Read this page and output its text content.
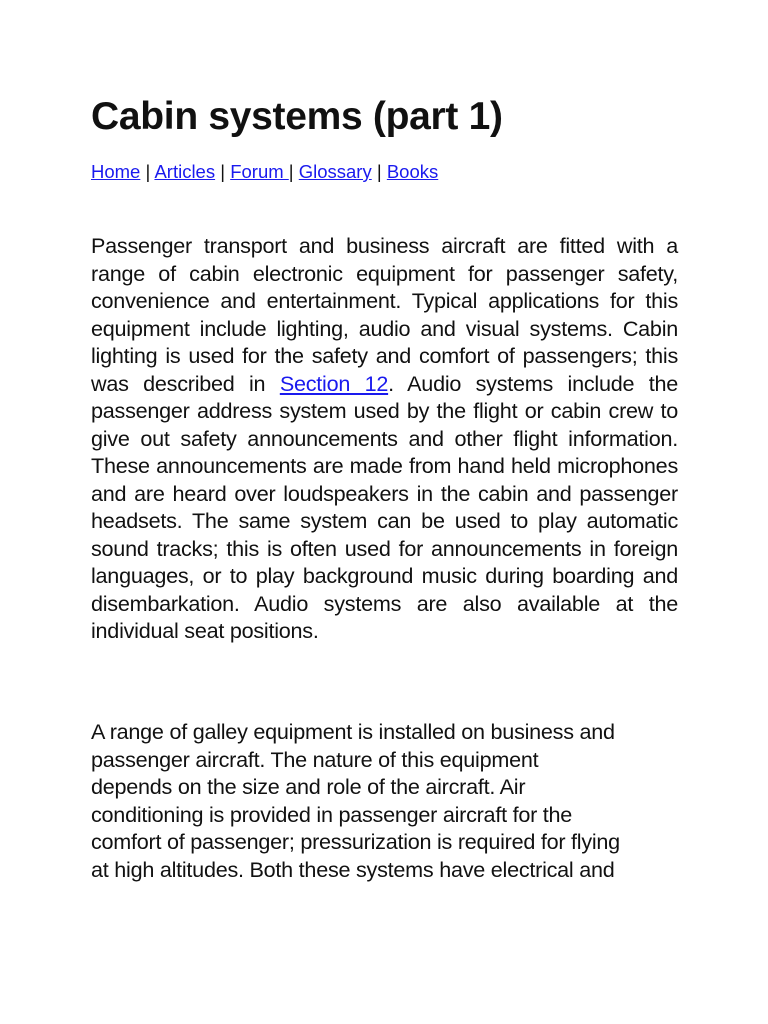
Cabin systems (part 1)
Home | Articles | Forum | Glossary | Books

Passenger transport and business aircraft are fitted with a range of cabin electronic equipment for passenger safety, convenience and entertainment. Typical applications for this equipment include lighting, audio and visual systems. Cabin lighting is used for the safety and comfort of passengers; this was described in Section 12. Audio systems include the passenger address system used by the flight or cabin crew to give out safety announcements and other flight information. These announcements are made from hand held microphones and are heard over loudspeakers in the cabin and passenger headsets. The same system can be used to play automatic sound tracks; this is often used for announcements in foreign languages, or to play background music during boarding and disembarkation. Audio systems are also available at the individual seat positions.

A range of galley equipment is installed on business and
passenger aircraft. The nature of this equipment
depends on the size and role of the aircraft. Air
conditioning is provided in passenger aircraft for the
comfort of passenger; pressurization is required for flying
at high altitudes. Both these systems have electrical and
